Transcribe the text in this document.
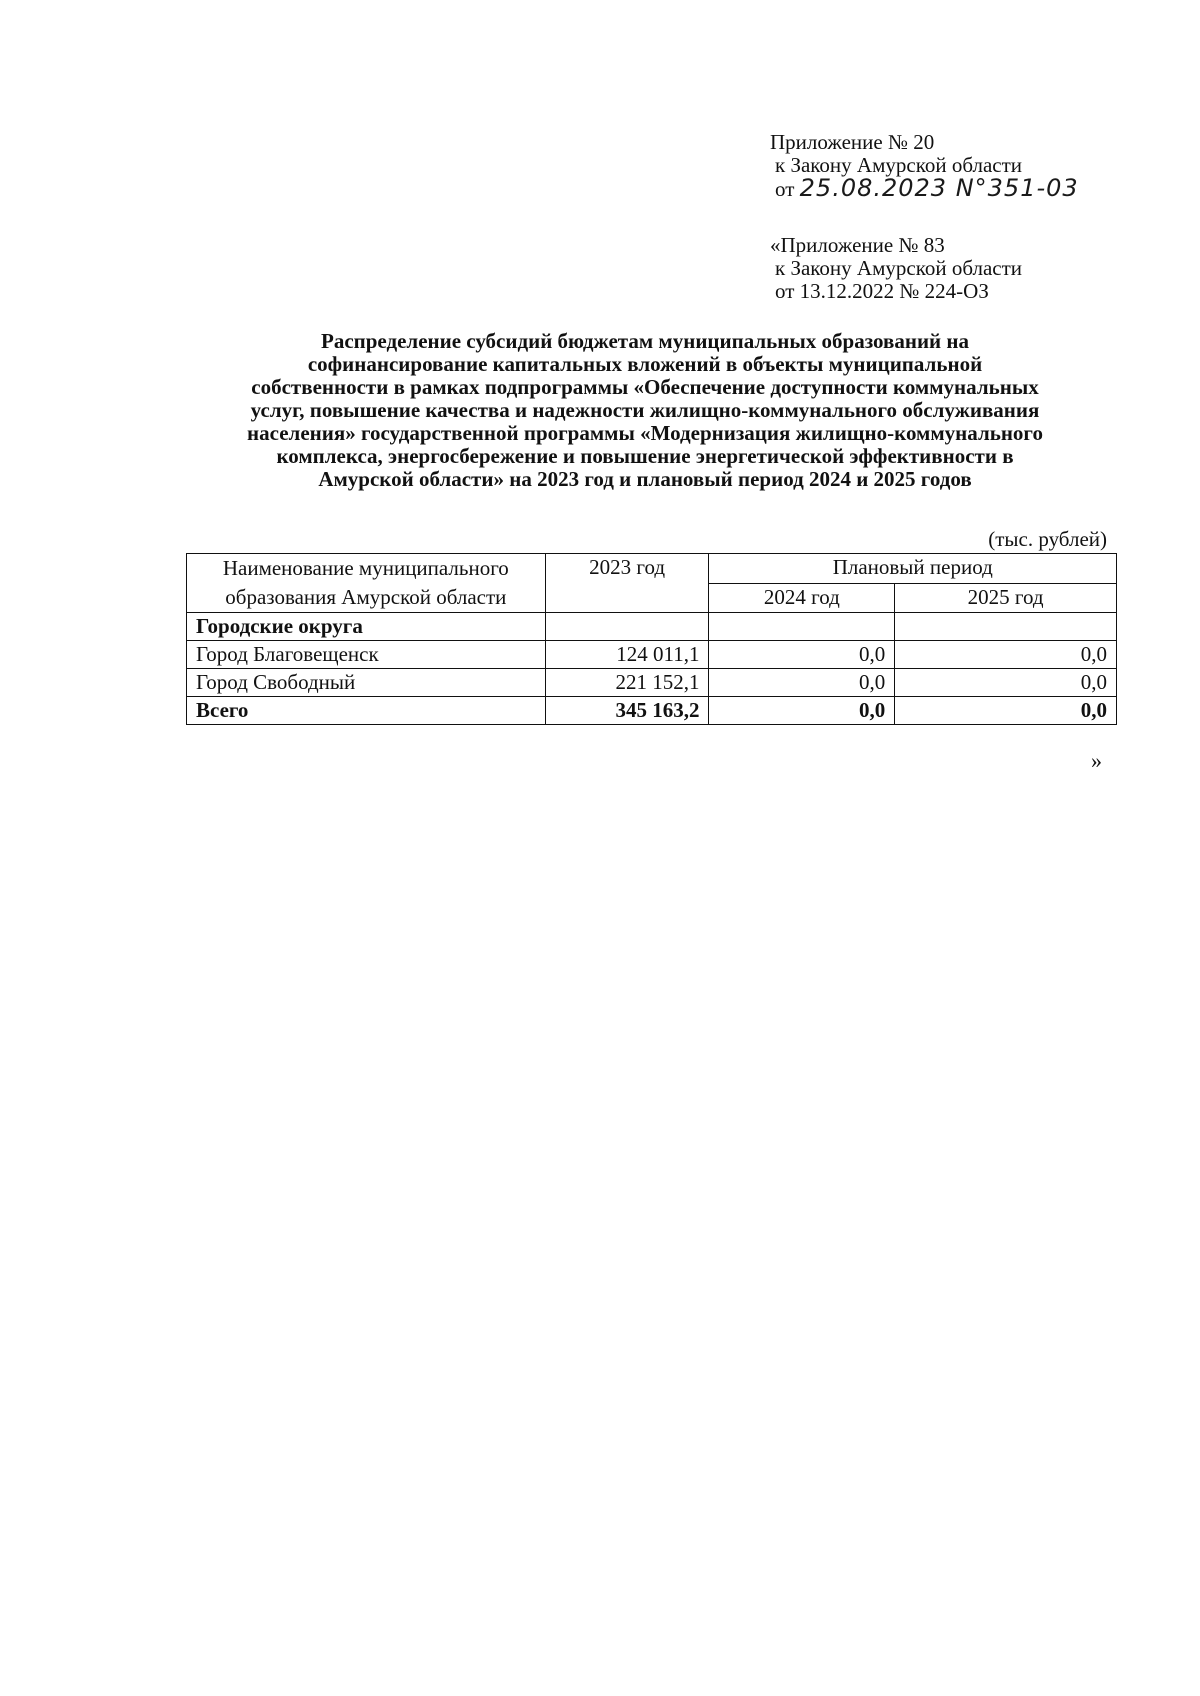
Приложение № 20
к Закону Амурской области
от 25.08.2023 N°351-03
«Приложение № 83
к Закону Амурской области
от 13.12.2022 № 224-ОЗ
Распределение субсидий бюджетам муниципальных образований на
софинансирование капитальных вложений в объекты муниципальной
собственности в рамках подпрограммы «Обеспечение доступности коммунальных
услуг, повышение качества и надежности жилищно-коммунального обслуживания
населения» государственной программы «Модернизация жилищно-коммунального
комплекса, энергосбережение и повышение энергетической эффективности в
Амурской области» на 2023 год и плановый период 2024 и 2025 годов
(тыс. рублей)
Наименование муниципального образования Амурской области	2023 год	Плановый период	
		2024 год	2025 год
Городские округа			
Город Благовещенск	124 011,1	0,0	0,0
Город Свободный	221 152,1	0,0	0,0
Всего	345 163,2	0,0	0,0
»
